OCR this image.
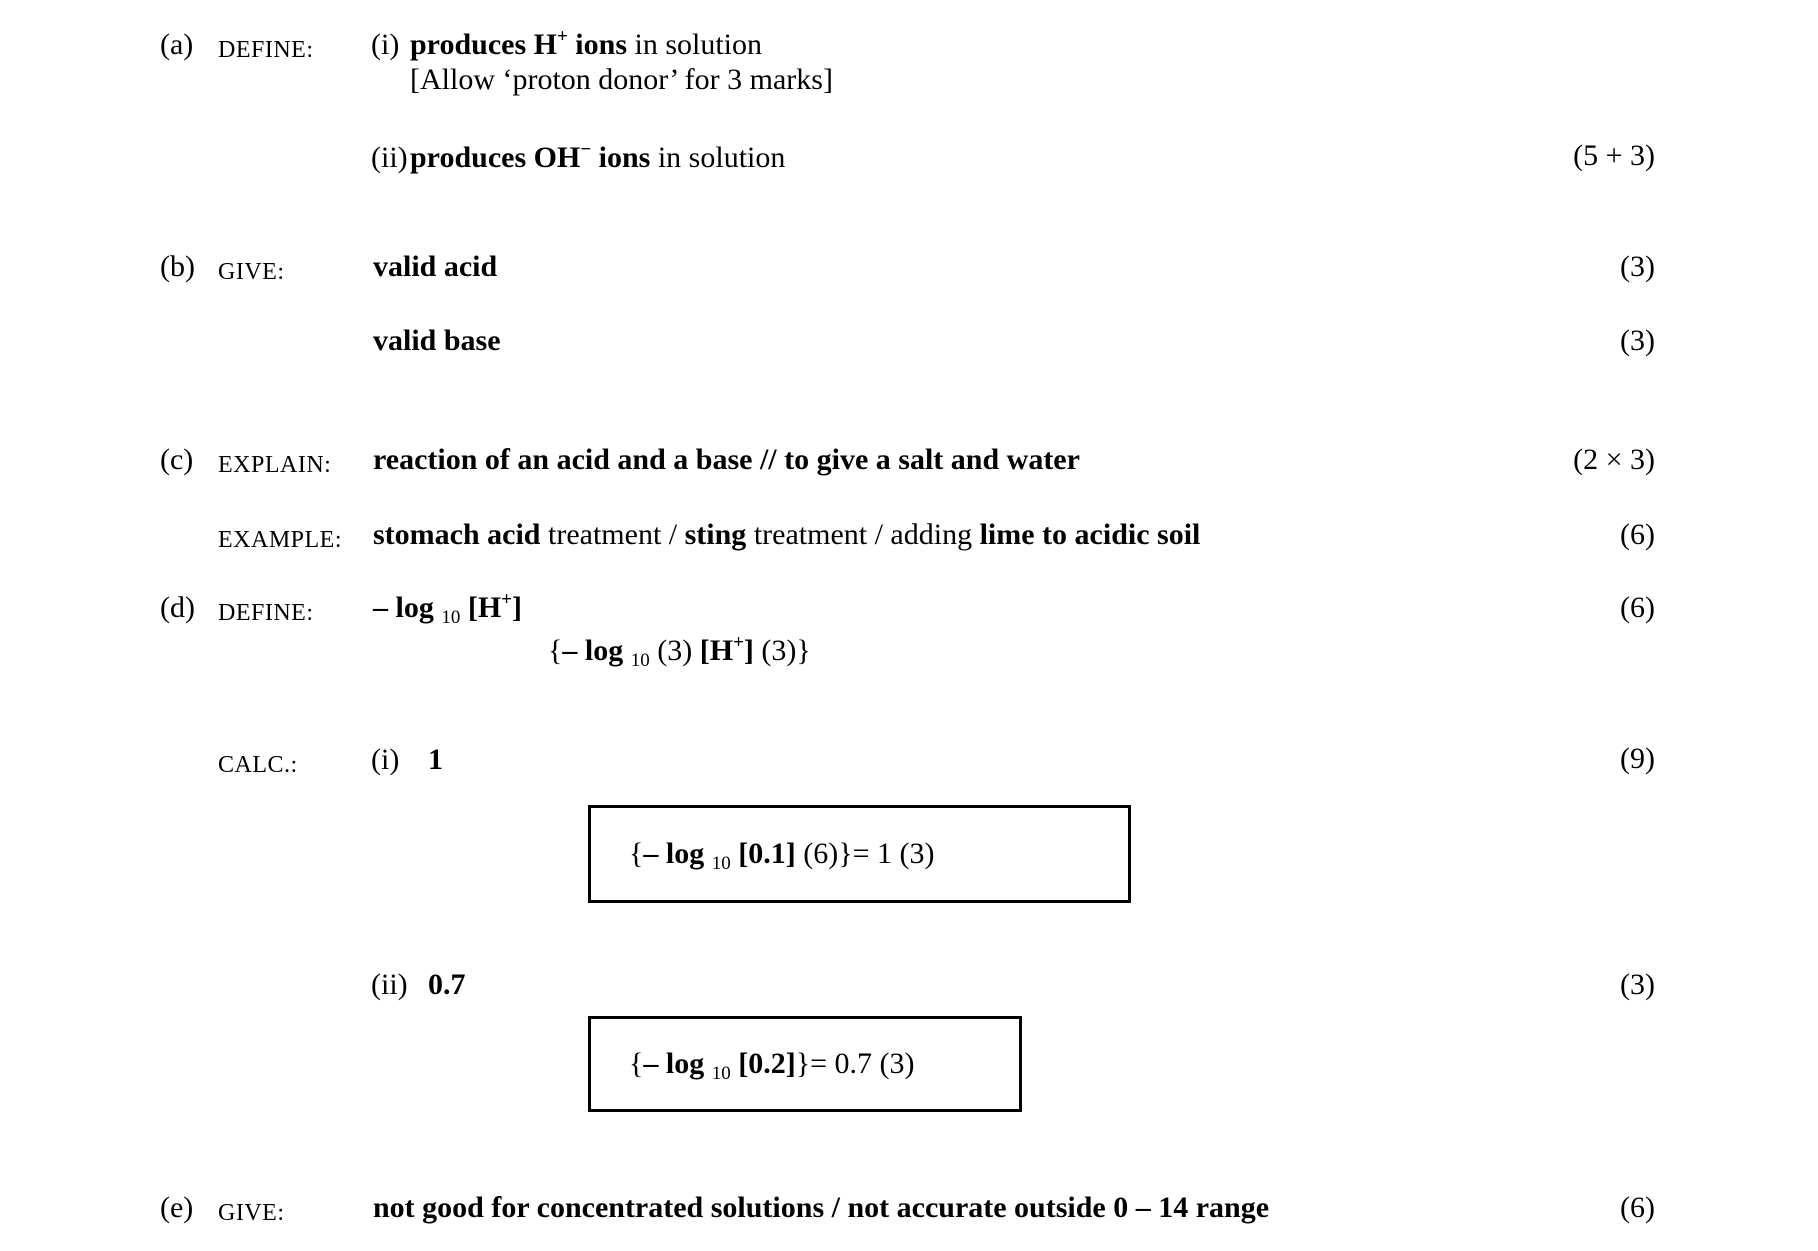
(a) DEFINE: (i) produces H+ ions in solution
[Allow ‘proton donor’ for 3 marks]
(ii) produces OH− ions in solution	(5 + 3)
(b) GIVE:	valid acid	(3)
valid base	(3)
(c) EXPLAIN: reaction of an acid and a base // to give a salt and water	(2 × 3)
EXAMPLE: stomach acid treatment / sting treatment / adding lime to acidic soil	(6)
(d) DEFINE: – log $_{10}$ [H+]	(6)
{– log $_{10}$ (3) [H+] (3)}
CALC.: (i) 1	(9)
{– log $_{10}$ [0.1] (6)}= 1 (3)
(ii) 0.7	(3)
{– log $_{10}$ [0.2]}= 0.7 (3)
(e) GIVE:	not good for concentrated solutions / not accurate outside 0 – 14 range	(6)
